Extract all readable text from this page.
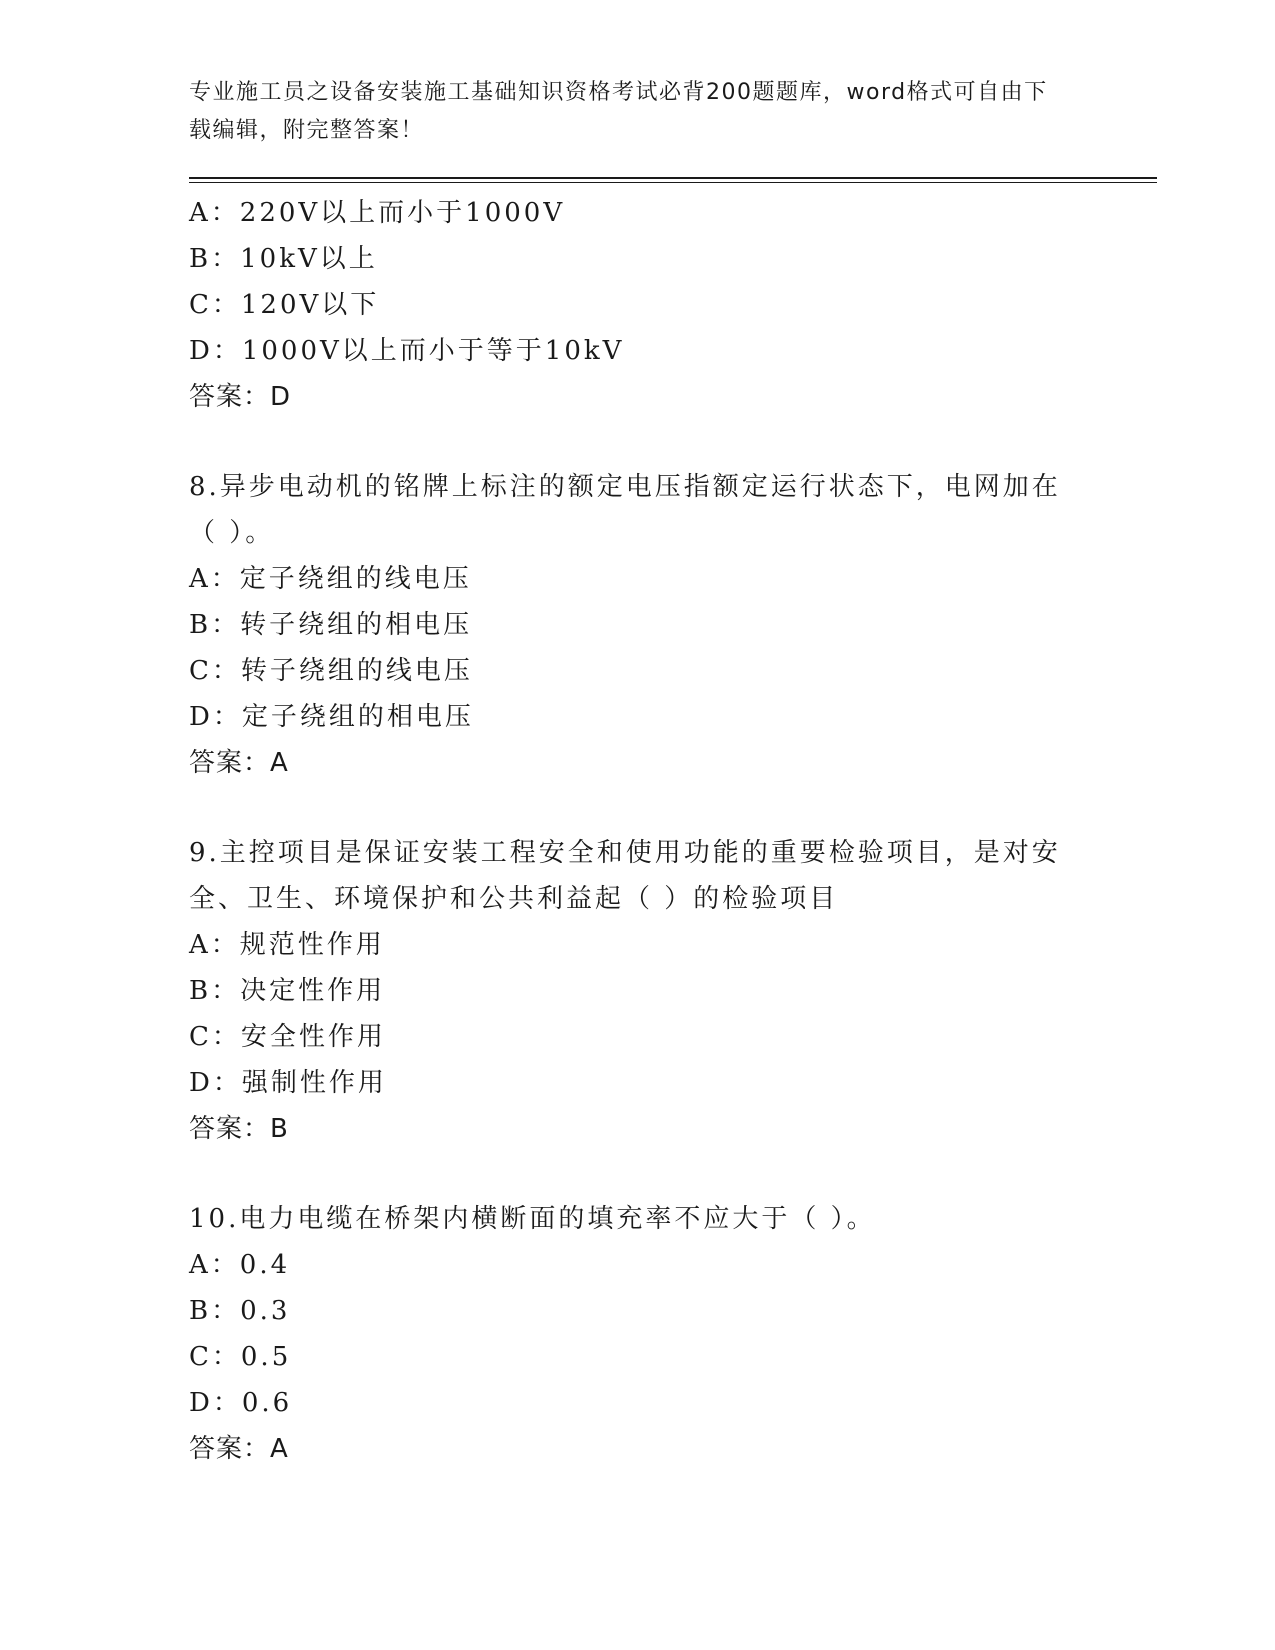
专业施工员之设备安装施工基础知识资格考试必背200题题库，word格式可自由下载编辑，附完整答案！
A：220V以上而小于1000V
B：10kV以上
C：120V以下
D：1000V以上而小于等于10kV
答案：D
8.异步电动机的铭牌上标注的额定电压指额定运行状态下，电网加在（ ）。
A：定子绕组的线电压
B：转子绕组的相电压
C：转子绕组的线电压
D：定子绕组的相电压
答案：A
9.主控项目是保证安装工程安全和使用功能的重要检验项目，是对安全、卫生、环境保护和公共利益起（ ）的检验项目
A：规范性作用
B：决定性作用
C：安全性作用
D：强制性作用
答案：B
10.电力电缆在桥架内横断面的填充率不应大于（ ）。
A：0.4
B：0.3
C：0.5
D：0.6
答案：A
